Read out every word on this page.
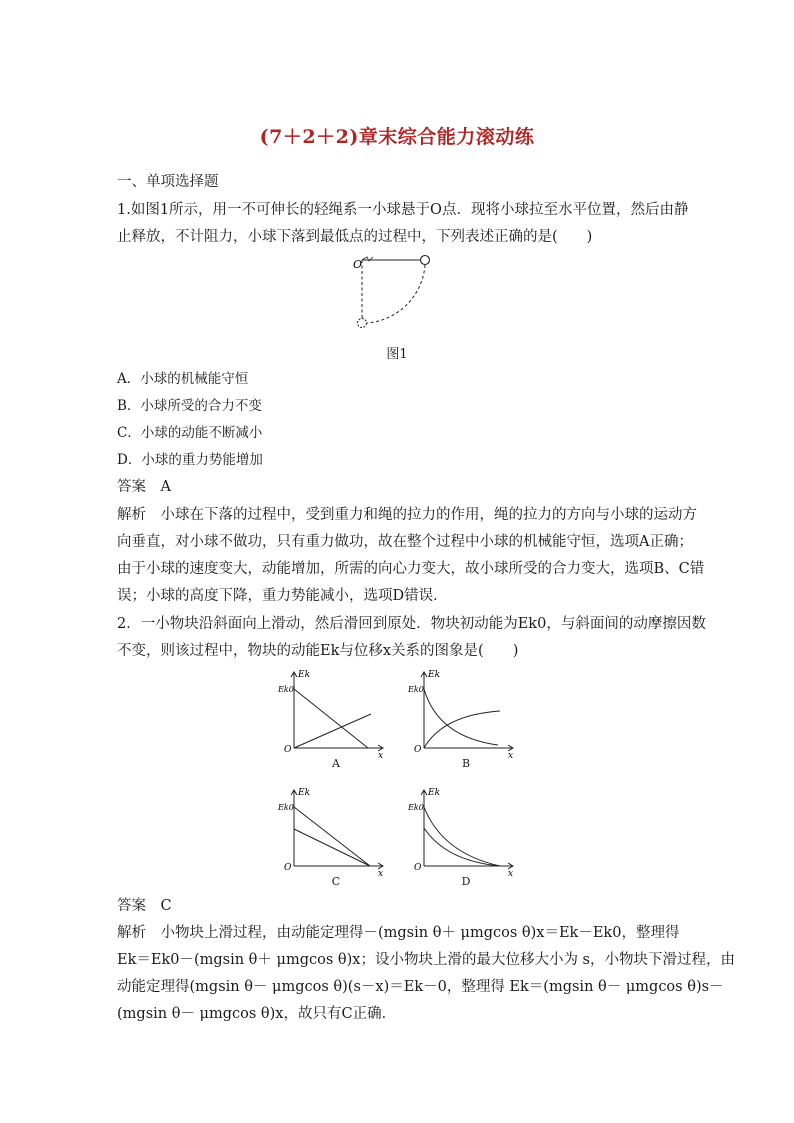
(7＋2＋2)章末综合能力滚动练
一、单项选择题
1.如图1所示，用一不可伸长的轻绳系一小球悬于O点．现将小球拉至水平位置，然后由静
止释放，不计阻力，小球下落到最低点的过程中，下列表述正确的是(　　)
O
图1
A．小球的机械能守恒
B．小球所受的合力不变
C．小球的动能不断减小
D．小球的重力势能增加
答案　A
解析　小球在下落的过程中，受到重力和绳的拉力的作用，绳的拉力的方向与小球的运动方
向垂直，对小球不做功，只有重力做功，故在整个过程中小球的机械能守恒，选项A正确；
由于小球的速度变大，动能增加，所需的向心力变大，故小球所受的合力变大，选项B、C错
误；小球的高度下降，重力势能减小，选项D错误．
2．一小物块沿斜面向上滑动，然后滑回到原处．物块初动能为Ek0，与斜面间的动摩擦因数
不变，则该过程中，物块的动能Ek与位移x关系的图象是(　　)
Ek
Ek0
O
x
A
Ek
Ek0
O
x
B
Ek
Ek0
O
x
C
Ek
Ek0
O
x
D
答案　C
解析　小物块上滑过程，由动能定理得－(mgsin θ＋ μmgcos θ)x＝Ek－Ek0，整理得
Ek＝Ek0－(mgsin θ＋ μmgcos θ)x；设小物块上滑的最大位移大小为 s，小物块下滑过程，由
动能定理得(mgsin θ－ μmgcos θ)(s－x)＝Ek－0，整理得 Ek＝(mgsin θ－ μmgcos θ)s－
(mgsin θ－ μmgcos θ)x，故只有C正确．
